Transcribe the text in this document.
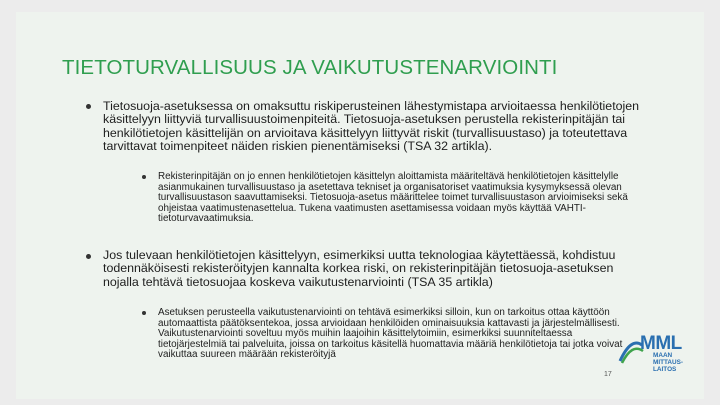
TIETOTURVALLISUUS JA VAIKUTUSTENARVIOINTI
Tietosuoja-asetuksessa on omaksuttu riskiperusteinen lähestymistapa arvioitaessa henkilötietojen käsittelyyn liittyviä turvallisuustoimenpiteitä. Tietosuoja-asetuksen perustella rekisterinpitäjän tai henkilötietojen käsittelijän on arvioitava käsittelyyn liittyvät riskit (turvallisuustaso) ja toteutettava tarvittavat toimenpiteet näiden riskien pienentämiseksi (TSA 32 artikla).
Rekisterinpitäjän on jo ennen henkilötietojen käsittelyn aloittamista määriteltävä henkilötietojen käsittelylle asianmukainen turvallisuustaso ja asetettava tekniset ja organisatoriset vaatimuksia kysymyksessä olevan turvallisuustason saavuttamiseksi. Tietosuoja-asetus määrittelee toimet turvallisuustason arvioimiseksi sekä ohjeistaa vaatimustenasettelua. Tukena vaatimusten asettamisessa voidaan myös käyttää VAHTI-tietoturvavaatimuksia.
Jos tulevaan henkilötietojen käsittelyyn, esimerkiksi uutta teknologiaa käytettäessä, kohdistuu todennäköisesti rekisteröityjen kannalta korkea riski, on rekisterinpitäjän tietosuoja-asetuksen nojalla tehtävä tietosuojaa koskeva vaikutustenarviointi (TSA 35 artikla)
Asetuksen perusteella vaikutustenarviointi on tehtävä esimerkiksi silloin, kun on tarkoitus ottaa käyttöön automaattista päätöksentekoa, jossa arvioidaan henkilöiden ominaisuuksia kattavasti ja järjestelmällisesti. Vaikutustenarviointi soveltuu myös muihin laajoihin käsittelytoimiin, esimerkiksi suunniteltaessa tietojärjestelmiä tai palveluita, joissa on tarkoitus käsitellä huomattavia määriä henkilötietoja tai jotka voivat vaikuttaa suureen määrään rekisteröityjä
17
MML
MAAN
MITTAUS-
LAITOS
